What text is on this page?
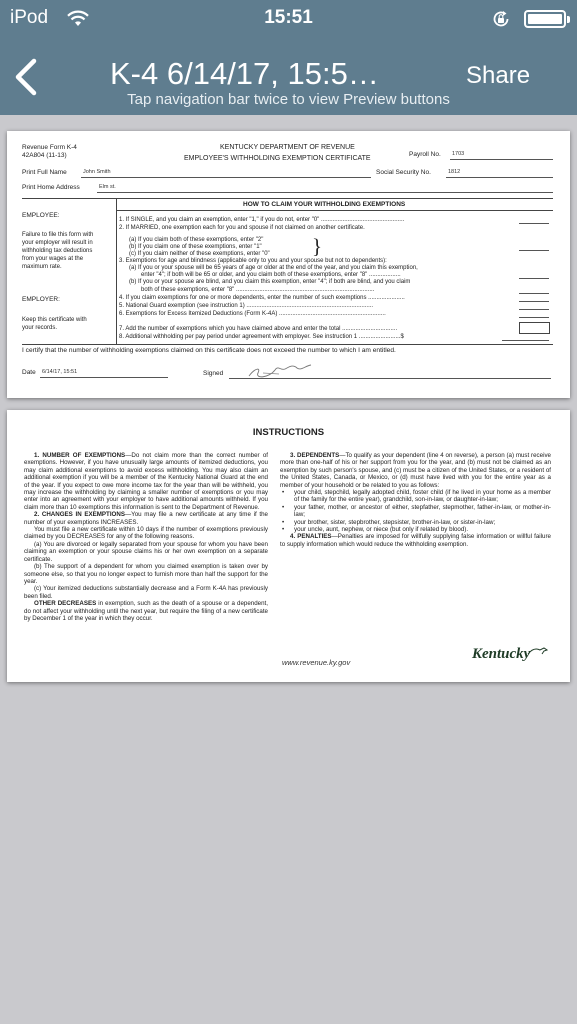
iPod	15:51
K-4 6/14/17, 15:5…	Share
Tap navigation bar twice to view Preview buttons
Revenue Form K-4
42A804 (11-13)
KENTUCKY DEPARTMENT OF REVENUE
EMPLOYEE'S WITHHOLDING EXEMPTION CERTIFICATE
Payroll No. 1703
Print Full Name	John Smith	Social Security No.	1812
Print Home Address	Elm st.
HOW TO CLAIM YOUR WITHHOLDING EXEMPTIONS
EMPLOYEE:
Failure to file this form with
your employer will result in
withholding tax deductions
from your wages at the
maximum rate.
EMPLOYER:
Keep this certificate with
your records.
1. If SINGLE, and you claim an exemption, enter "1," if you do not, enter "0" ..................................................
2. If MARRIED, one exemption each for you and spouse if not claimed on another certificate.
(a) If you claim both of these exemptions, enter "2"
(b) If you claim one of these exemptions, enter "1"
(c) If you claim neither of these exemptions, enter "0" }
3. Exemptions for age and blindness (applicable only to you and your spouse but not to dependents):
(a) If you or your spouse will be 65 years of age or older at the end of the year, and you claim this exemption,
enter "4"; if both will be 65 or older, and you claim both of these exemptions, enter "8" ...................
(b) If you or your spouse are blind, and you claim this exemption, enter "4"; if both are blind, and you claim
both of these exemptions, enter "8" ...................................................................................
4. If you claim exemptions for one or more dependents, enter the number of such exemptions ......................
5. National Guard exemption (see instruction 1) ............................................................................
6. Exemptions for Excess Itemized Deductions (Form K-4A) ................................................................
7. Add the number of exemptions which you have claimed above and enter the total .................................
8. Additional withholding per pay period under agreement with employer. See instruction 1 .........................$
I certify that the number of withholding exemptions claimed on this certificate does not exceed the number to which I am entitled.
Date 6/14/17, 15:51	Signed
INSTRUCTIONS

1. NUMBER OF EXEMPTIONS—Do not claim more than the correct number of exemptions. However, if you have unusually large amounts of itemized deductions, you may claim additional exemptions to avoid excess withholding. You may also claim an additional exemption if you will be a member of the Kentucky National Guard at the end of the year. If you expect to owe more income tax for the year than will be withheld, you may increase the withholding by claiming a smaller number of exemptions or you may enter into an agreement with your employer to have additional amounts withheld. If you claim more than 10 exemptions this information is sent to the Department of Revenue.

2. CHANGES IN EXEMPTIONS—You may file a new certificate at any time if the number of your exemptions INCREASES.

You must file a new certificate within 10 days if the number of exemptions previously claimed by you DECREASES for any of the following reasons.

(a) You are divorced or legally separated from your spouse for whom you have been claiming an exemption or your spouse claims his or her own exemption on a separate certificate.

(b) The support of a dependent for whom you claimed exemption is taken over by someone else, so that you no longer expect to furnish more than half the support for the year.

(c) Your itemized deductions substantially decrease and a Form K-4A has previously been filed.

OTHER DECREASES in exemption, such as the death of a spouse or a dependent, do not affect your withholding until the next year, but require the filing of a new certificate by December 1 of the year in which they occur.

3. DEPENDENTS—To qualify as your dependent (line 4 on reverse), a person (a) must receive more than one-half of his or her support from you for the year, and (b) must not be claimed as an exemption by such person's spouse, and (c) must be a citizen of the United States, or a resident of the United States, Canada, or Mexico, or (d) must have lived with you for the entire year as a member of your household or be related to you as follows:

• your child, stepchild, legally adopted child, foster child (if he lived in your home as a member of the family for the entire year), grandchild, son-in-law, or daughter-in-law;
• your father, mother, or ancestor of either, stepfather, stepmother, father-in-law, or mother-in-law;
• your brother, sister, stepbrother, stepsister, brother-in-law, or sister-in-law;
• your uncle, aunt, nephew, or niece (but only if related by blood).

4. PENALTIES—Penalties are imposed for willfully supplying false information or willful failure to supply information which would reduce the withholding exemption.

www.revenue.ky.gov
Kentucky
